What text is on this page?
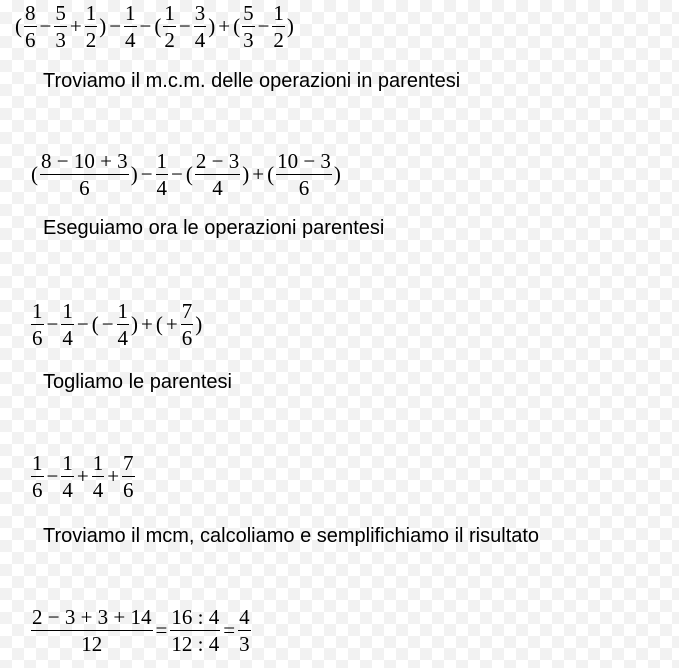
( $\frac{8}{6} - \frac{5}{3} + \frac{1}{2}$ ) − $\frac{1}{4}$ − ( $\frac{1}{2} - \frac{3}{4}$ ) + ( $\frac{5}{3} - \frac{1}{2}$ )
Troviamo il m.c.m. delle operazioni in parentesi
( $\frac{8 - 10 + 3}{6}$ ) − $\frac{1}{4}$ − ( $\frac{2 - 3}{4}$ ) + ( $\frac{10 - 3}{6}$ )
Eseguiamo ora le operazioni parentesi
$\frac{1}{6} - \frac{1}{4}$ − ( − $\frac{1}{4}$ ) + ( + $\frac{7}{6}$ )
Togliamo le parentesi
$\frac{1}{6} - \frac{1}{4} + \frac{1}{4} + \frac{7}{6}$
Troviamo il mcm, calcoliamo e semplifichiamo il risultato
$\frac{2 - 3 + 3 + 14}{12} = \frac{16 : 4}{12 : 4} = \frac{4}{3}$
